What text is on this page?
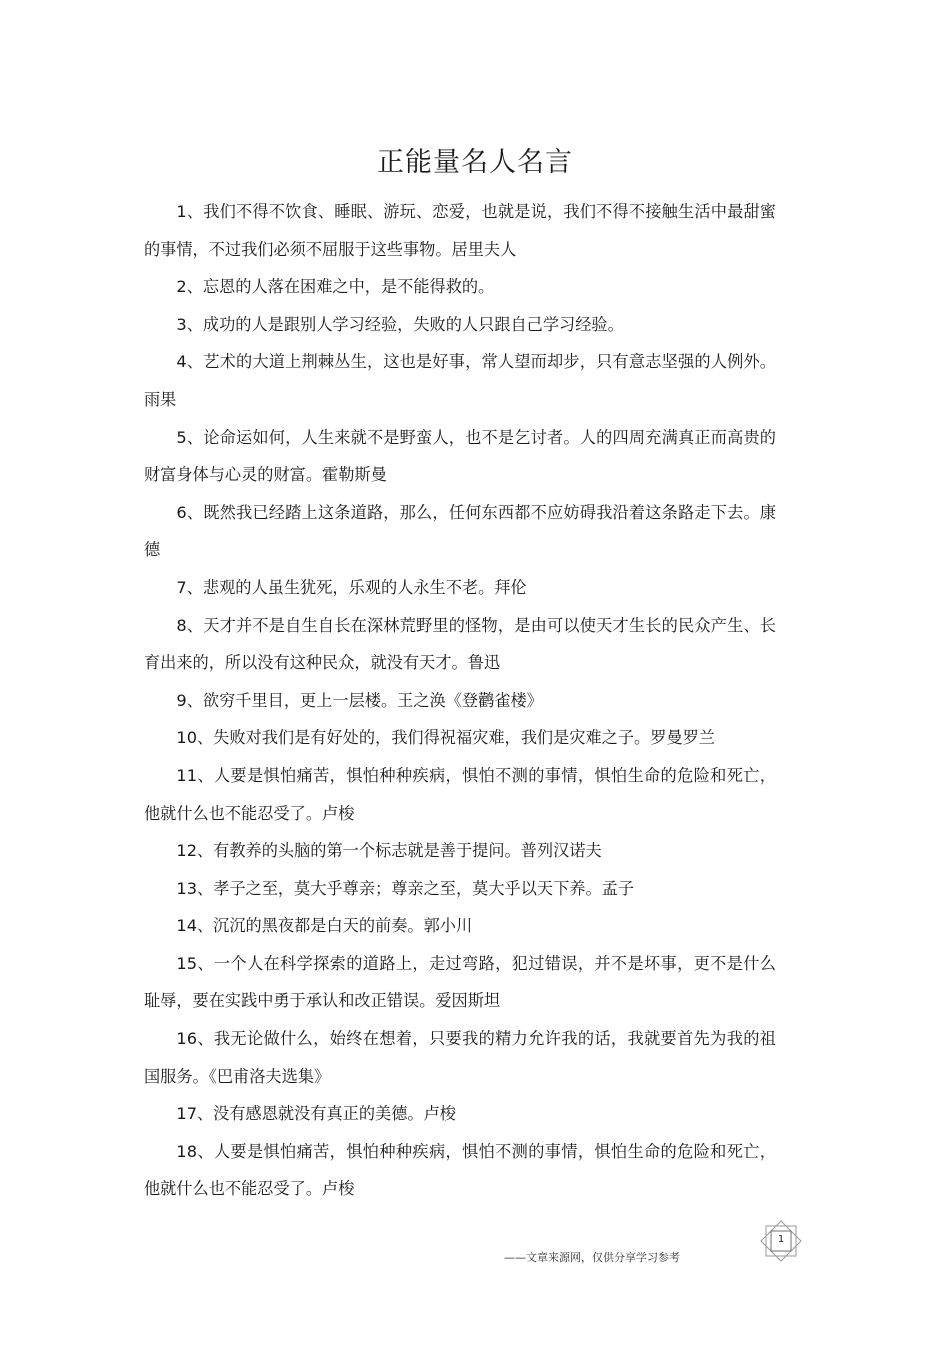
正能量名人名言

1、我们不得不饮食、睡眠、游玩、恋爱，也就是说，我们不得不接触生活中最甜蜜的事情，不过我们必须不屈服于这些事物。居里夫人

2、忘恩的人落在困难之中，是不能得救的。

3、成功的人是跟别人学习经验，失败的人只跟自己学习经验。

4、艺术的大道上荆棘丛生，这也是好事，常人望而却步，只有意志坚强的人例外。雨果

5、论命运如何，人生来就不是野蛮人，也不是乞讨者。人的四周充满真正而高贵的财富身体与心灵的财富。霍勒斯曼

6、既然我已经踏上这条道路，那么，任何东西都不应妨碍我沿着这条路走下去。康德

7、悲观的人虽生犹死，乐观的人永生不老。拜伦

8、天才并不是自生自长在深林荒野里的怪物，是由可以使天才生长的民众产生、长育出来的，所以没有这种民众，就没有天才。鲁迅

9、欲穷千里目，更上一层楼。王之涣《登鹳雀楼》

10、失败对我们是有好处的，我们得祝福灾难，我们是灾难之子。罗曼罗兰

11、人要是惧怕痛苦，惧怕种种疾病，惧怕不测的事情，惧怕生命的危险和死亡，他就什么也不能忍受了。卢梭

12、有教养的头脑的第一个标志就是善于提问。普列汉诺夫

13、孝子之至，莫大乎尊亲；尊亲之至，莫大乎以天下养。孟子

14、沉沉的黑夜都是白天的前奏。郭小川

15、一个人在科学探索的道路上，走过弯路，犯过错误，并不是坏事，更不是什么耻辱，要在实践中勇于承认和改正错误。爱因斯坦

16、我无论做什么，始终在想着，只要我的精力允许我的话，我就要首先为我的祖国服务。《巴甫洛夫选集》

17、没有感恩就没有真正的美德。卢梭

18、人要是惧怕痛苦，惧怕种种疾病，惧怕不测的事情，惧怕生命的危险和死亡，他就什么也不能忍受了。卢梭

——文章来源网，仅供分享学习参考
1
